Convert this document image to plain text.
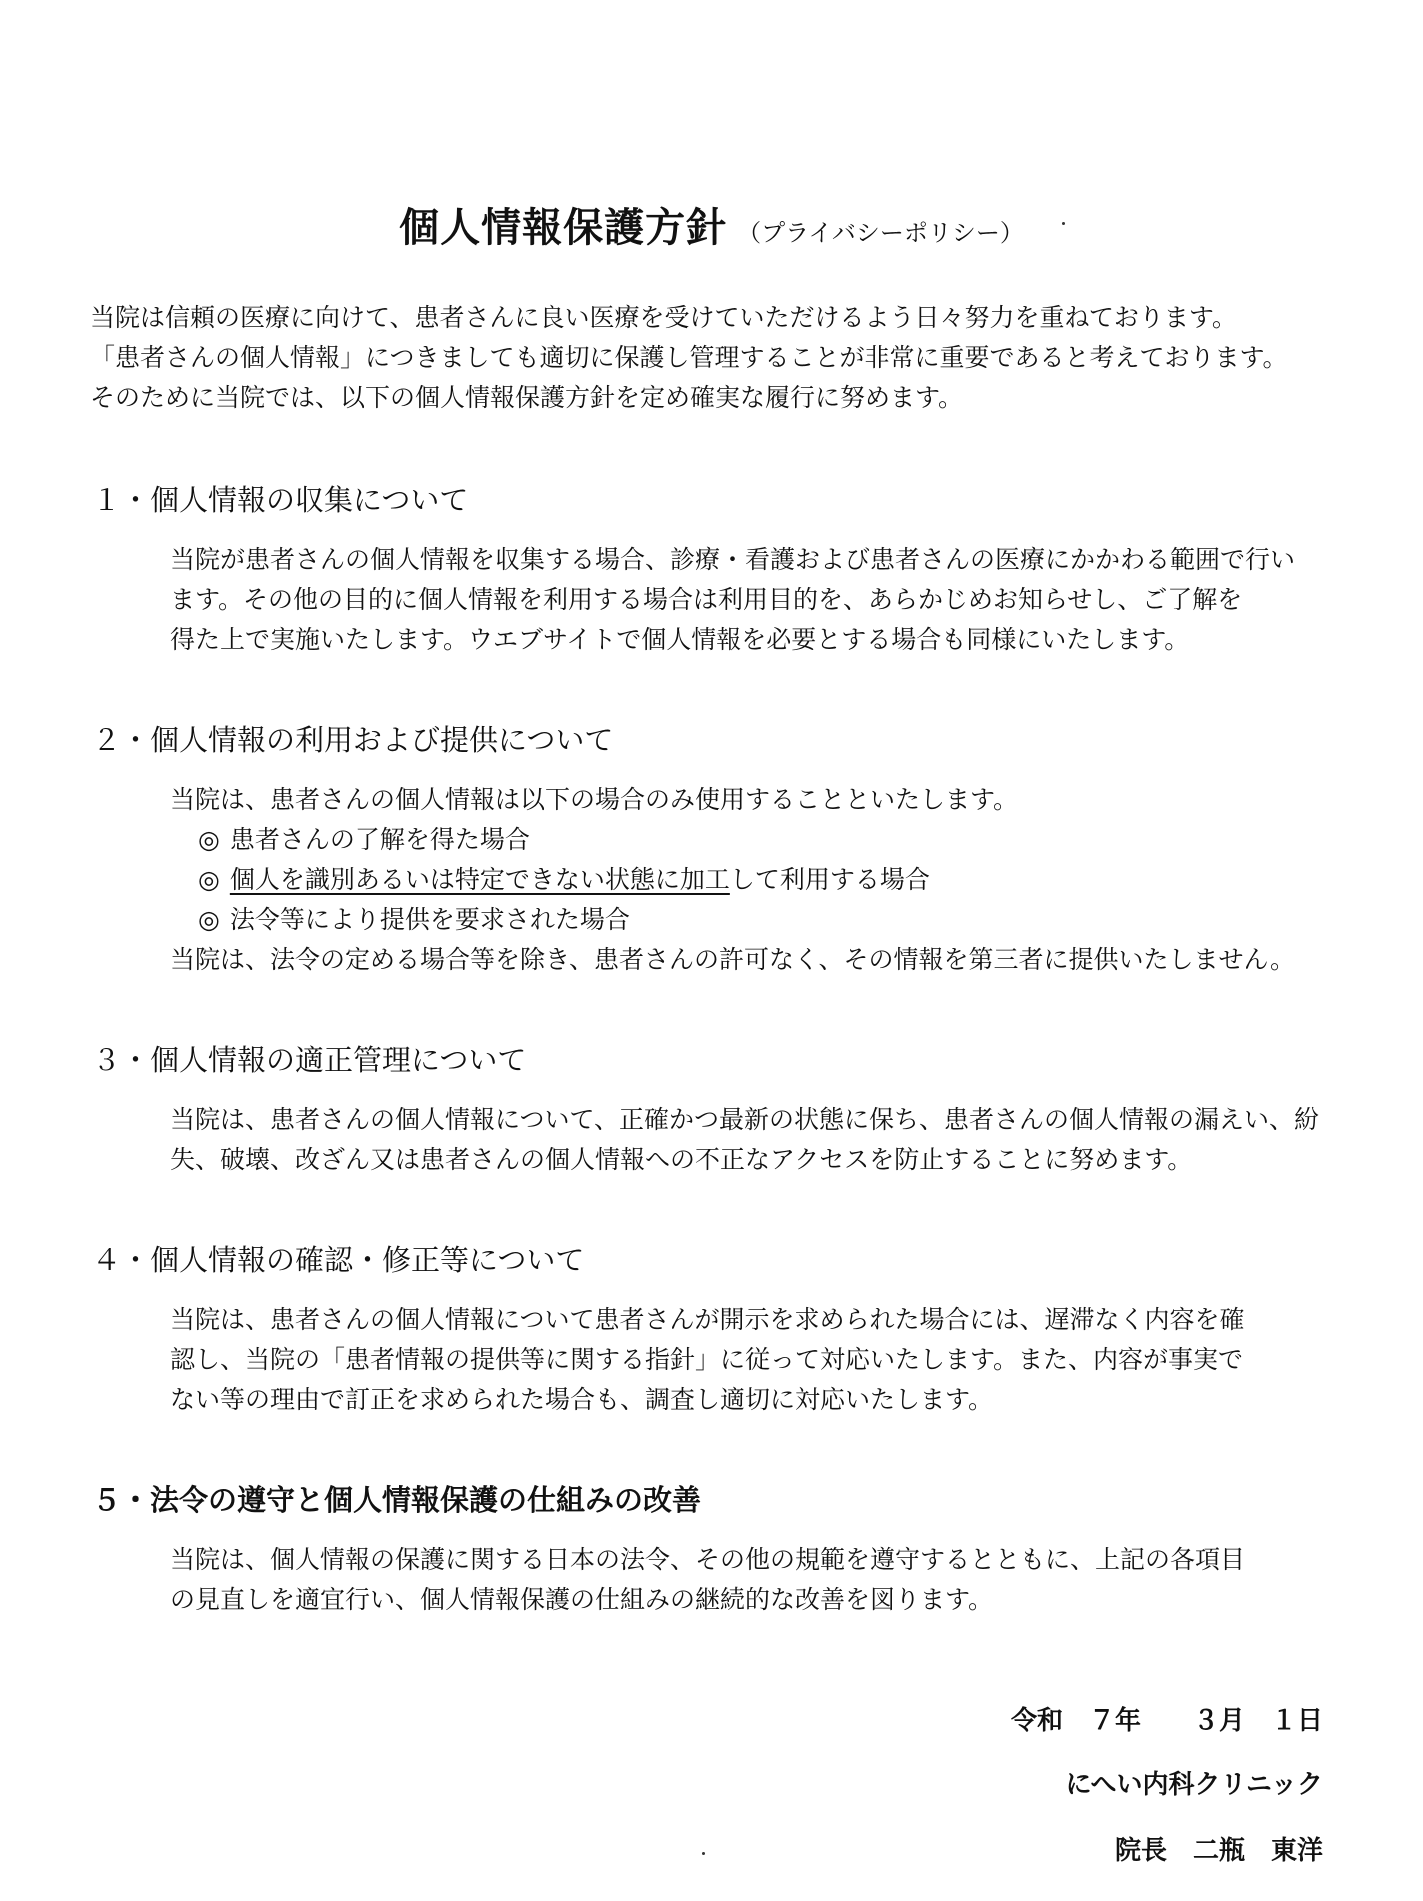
個人情報保護方針 （プライバシーポリシー）
当院は信頼の医療に向けて、患者さんに良い医療を受けていただけるよう日々努力を重ねております。
「患者さんの個人情報」につきましても適切に保護し管理することが非常に重要であると考えております。
そのために当院では、以下の個人情報保護方針を定め確実な履行に努めます。
１・個人情報の収集について
当院が患者さんの個人情報を収集する場合、診療・看護および患者さんの医療にかかわる範囲で行い
ます。その他の目的に個人情報を利用する場合は利用目的を、あらかじめお知らせし、ご了解を
得た上で実施いたします。ウエブサイトで個人情報を必要とする場合も同様にいたします。
２・個人情報の利用および提供について
当院は、患者さんの個人情報は以下の場合のみ使用することといたします。
◎ 患者さんの了解を得た場合
◎ 個人を識別あるいは特定できない状態に加工して利用する場合
◎ 法令等により提供を要求された場合
当院は、法令の定める場合等を除き、患者さんの許可なく、その情報を第三者に提供いたしません。
３・個人情報の適正管理について
当院は、患者さんの個人情報について、正確かつ最新の状態に保ち、患者さんの個人情報の漏えい、紛
失、破壊、改ざん又は患者さんの個人情報への不正なアクセスを防止することに努めます。
４・個人情報の確認・修正等について
当院は、患者さんの個人情報について患者さんが開示を求められた場合には、遅滞なく内容を確
認し、当院の「患者情報の提供等に関する指針」に従って対応いたします。また、内容が事実で
ない等の理由で訂正を求められた場合も、調査し適切に対応いたします。
５・法令の遵守と個人情報保護の仕組みの改善
当院は、個人情報の保護に関する日本の法令、その他の規範を遵守するとともに、上記の各項目
の見直しを適宜行い、個人情報保護の仕組みの継続的な改善を図ります。
令和　７年　　３月　１日
にへい内科クリニック
院長　二瓶　東洋
